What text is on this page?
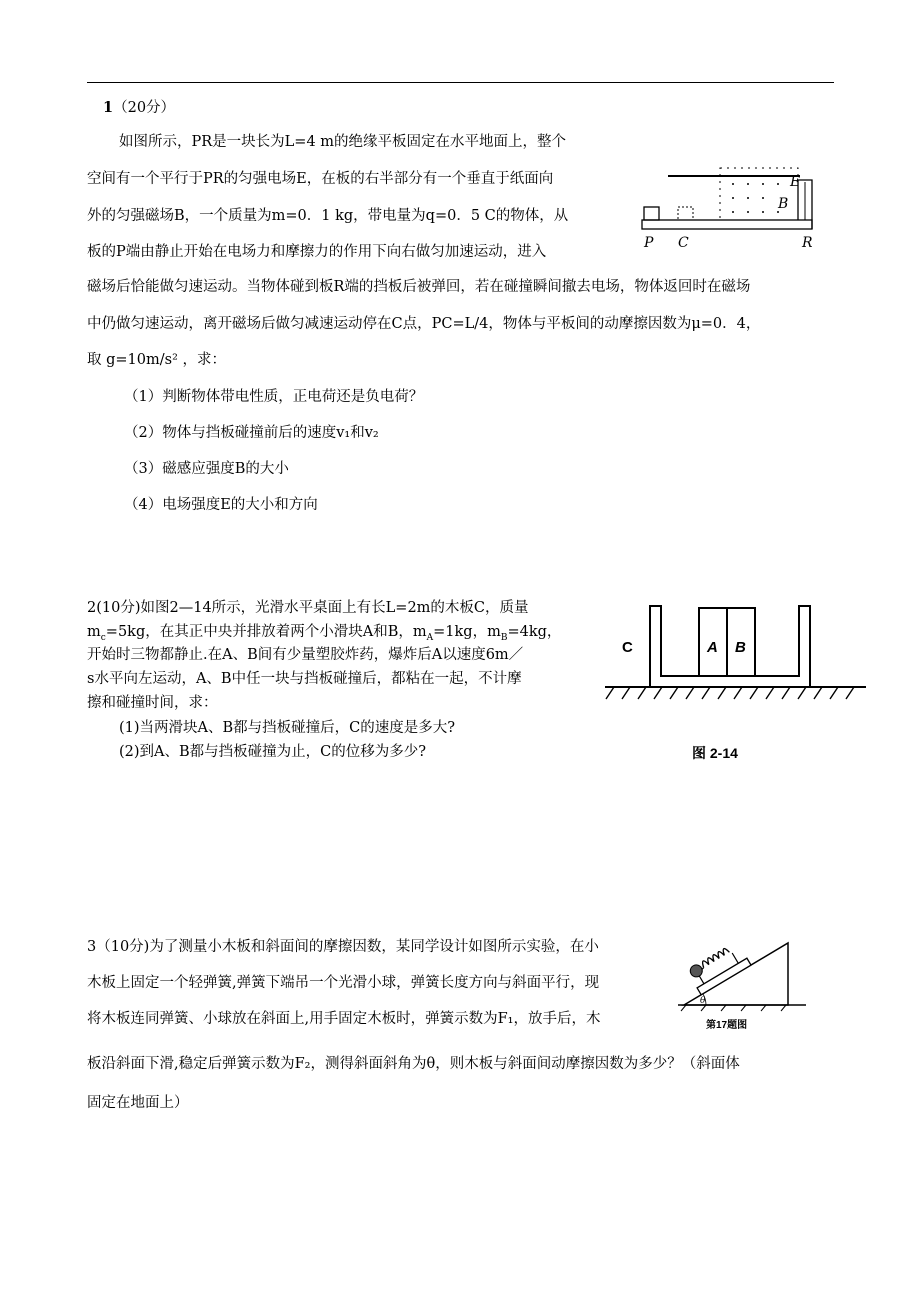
1（20分）
如图所示，PR是一块长为L=4 m的绝缘平板固定在水平地面上，整个
空间有一个平行于PR的匀强电场E，在板的右半部分有一个垂直于纸面向
外的匀强磁场B，一个质量为m=0．1 kg，带电量为q=0．5 C的物体，从
板的P端由静止开始在电场力和摩擦力的作用下向右做匀加速运动，进入
磁场后恰能做匀速运动。当物体碰到板R端的挡板后被弹回，若在碰撞瞬间撤去电场，物体返回时在磁场
中仍做匀速运动，离开磁场后做匀减速运动停在C点，PC=L/4，物体与平板间的动摩擦因数为μ=0．4，
取 g=10m/s² ，求：
（1）判断物体带电性质，正电荷还是负电荷？
（2）物体与挡板碰撞前后的速度v₁和v₂
（3）磁感应强度B的大小
（4）电场强度E的大小和方向
E
B
P C	R
2(10分)如图2—14所示，光滑水平桌面上有长L=2m的木板C，质量
$m_c=5kg$，在其正中央并排放着两个小滑块A和B，$m_A=1kg$，$m_B=4kg$，
开始时三物都静止.在A、B间有少量塑胶炸药，爆炸后A以速度6m／
s水平向左运动，A、B中任一块与挡板碰撞后，都粘在一起，不计摩
擦和碰撞时间，求：
(1)当两滑块A、B都与挡板碰撞后，C的速度是多大?
(2)到A、B都与挡板碰撞为止，C的位移为多少?
C	A B
图 2-14
3（10分)为了测量小木板和斜面间的摩擦因数，某同学设计如图所示实验，在小
木板上固定一个轻弹簧,弹簧下端吊一个光滑小球，弹簧长度方向与斜面平行，现
将木板连同弹簧、小球放在斜面上,用手固定木板时，弹簧示数为F₁，放手后，木
板沿斜面下滑,稳定后弹簧示数为F₂，测得斜面斜角为θ，则木板与斜面间动摩擦因数为多少？（斜面体
固定在地面上）
θ
第17题图
